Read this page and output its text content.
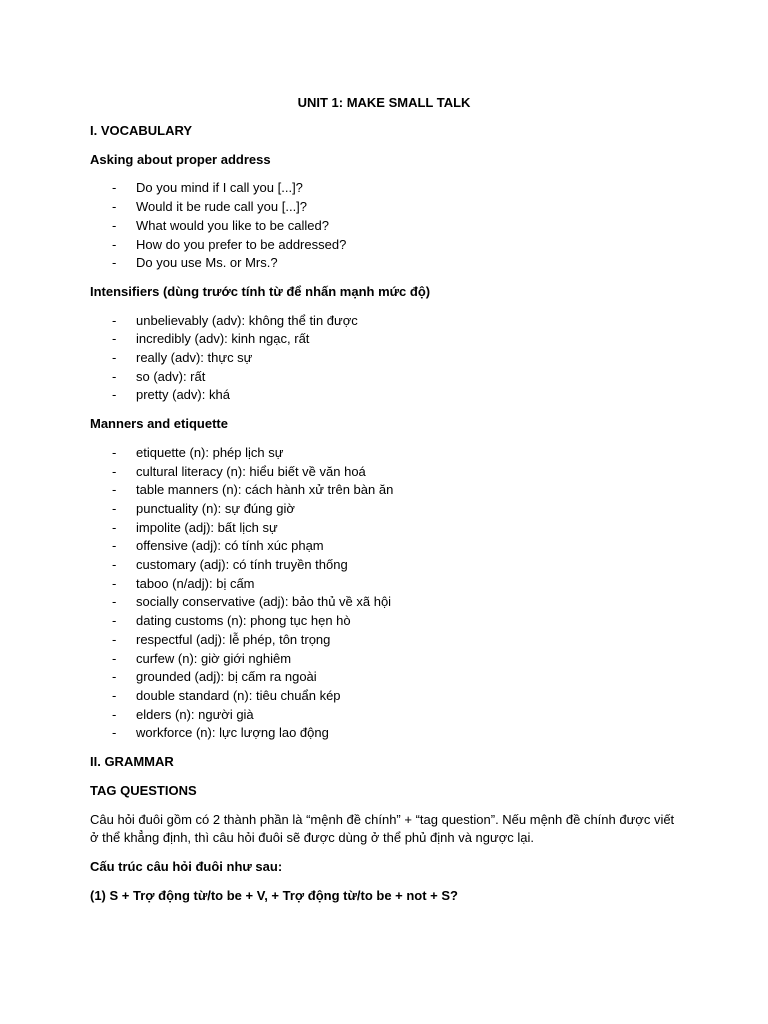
UNIT 1: MAKE SMALL TALK

I. VOCABULARY

Asking about proper address

- Do you mind if I call you [...]?
- Would it be rude call you [...]?
- What would you like to be called?
- How do you prefer to be addressed?
- Do you use Ms. or Mrs.?

Intensifiers (dùng trước tính từ để nhấn mạnh mức độ)

- unbelievably (adv): không thể tin được
- incredibly (adv): kinh ngạc, rất
- really (adv): thực sự
- so (adv): rất
- pretty (adv): khá

Manners and etiquette

- etiquette (n): phép lịch sự
- cultural literacy (n): hiểu biết về văn hoá
- table manners (n): cách hành xử trên bàn ăn
- punctuality (n): sự đúng giờ
- impolite (adj): bất lịch sự
- offensive (adj): có tính xúc phạm
- customary (adj): có tính truyền thống
- taboo (n/adj): bị cấm
- socially conservative (adj): bảo thủ về xã hội
- dating customs (n): phong tục hẹn hò
- respectful (adj): lễ phép, tôn trọng
- curfew (n): giờ giới nghiêm
- grounded (adj): bị cấm ra ngoài
- double standard (n): tiêu chuẩn kép
- elders (n): người già
- workforce (n): lực lượng lao động

II. GRAMMAR

TAG QUESTIONS

Câu hỏi đuôi gồm có 2 thành phần là “mệnh đề chính” + “tag question”. Nếu mệnh đề chính được viết ở thể khẳng định, thì câu hỏi đuôi sẽ được dùng ở thể phủ định và ngược lại.

Cấu trúc câu hỏi đuôi như sau:

(1) S + Trợ động từ/to be + V, + Trợ động từ/to be + not + S?
